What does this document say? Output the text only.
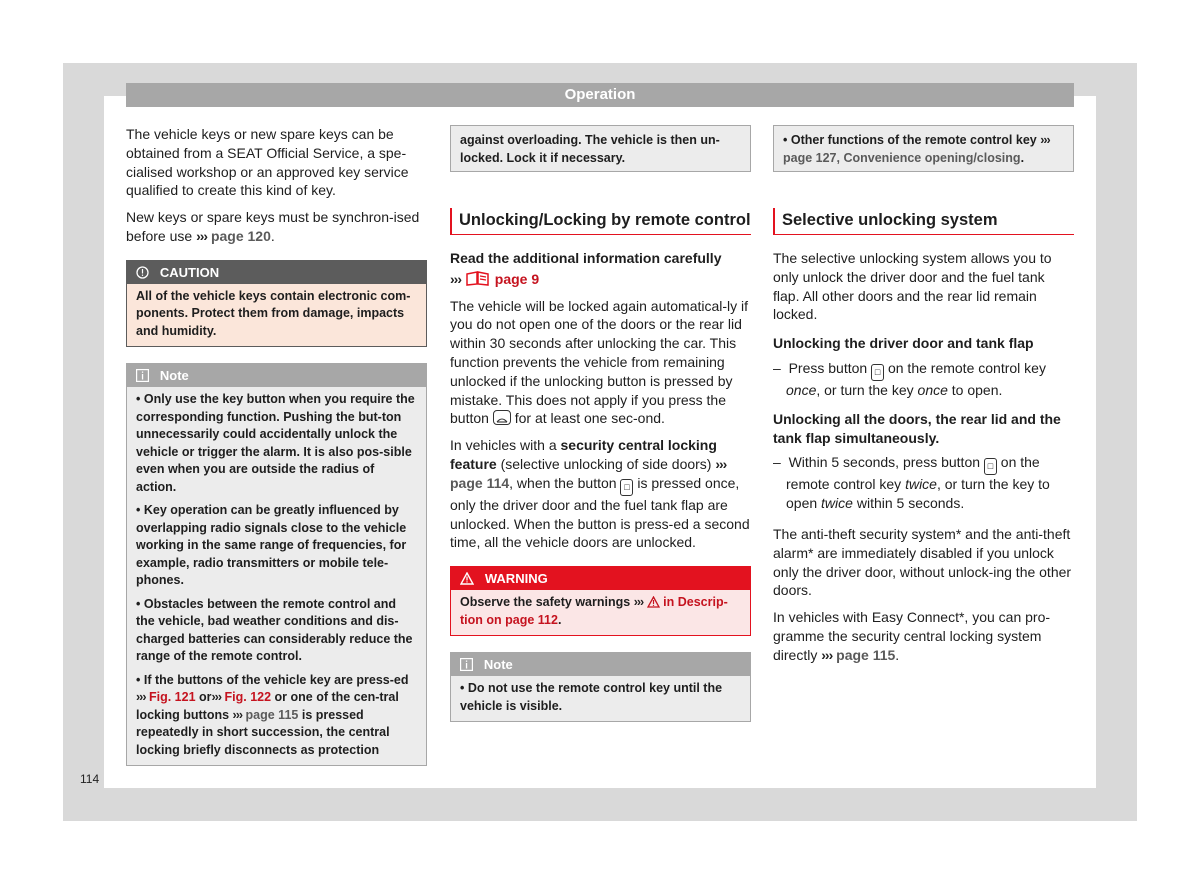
Operation

The vehicle keys or new spare keys can be obtained from a SEAT Official Service, a spe-cialised workshop or an approved key service qualified to create this kind of key.

New keys or spare keys must be synchron-ised before use ››› page 120.

CAUTION
All of the vehicle keys contain electronic com-ponents. Protect them from damage, impacts and humidity.
Note

• Only use the key button when you require the corresponding function. Pushing the but-ton unnecessarily could accidentally unlock the vehicle or trigger the alarm. It is also pos-sible even when you are outside the radius of action.

• Key operation can be greatly influenced by overlapping radio signals close to the vehicle working in the same range of frequencies, for example, radio transmitters or mobile tele-phones.

• Obstacles between the remote control and the vehicle, bad weather conditions and dis-charged batteries can considerably reduce the range of the remote control.

• If the buttons of the vehicle key are press-ed ››› Fig. 121 or››› Fig. 122 or one of the cen-tral locking buttons ››› page 115 is pressed repeatedly in short succession, the central locking briefly disconnects as protection

against overloading. The vehicle is then un-locked. Lock it if necessary.
Unlocking/Locking by remote control

Read the additional information carefully

››› page 9

The vehicle will be locked again automatical-ly if you do not open one of the doors or the rear lid within 30 seconds after unlocking the car. This function prevents the vehicle from remaining unlocked if the unlocking button is pressed by mistake. This does not apply if you press the button for at least one sec-ond.

In vehicles with a security central locking feature (selective unlocking of side doors) ››› page 114, when the button □ is pressed once, only the driver door and the fuel tank flap are unlocked. When the button is press-ed a second time, all the vehicle doors are unlocked.

WARNING
Observe the safety warnings ››› in Descrip-tion on page 112.
Note
• Do not use the remote control key until the vehicle is visible.
• Other functions of the remote control key ››› page 127, Convenience opening/closing.
Selective unlocking system

The selective unlocking system allows you to only unlock the driver door and the fuel tank flap. All other doors and the rear lid remain locked.

Unlocking the driver door and tank flap

–  Press button □ on the remote control key once, or turn the key once to open.

Unlocking all the doors, the rear lid and the tank flap simultaneously.

–  Within 5 seconds, press button □ on the remote control key twice, or turn the key to open twice within 5 seconds.

The anti-theft security system* and the anti-theft alarm* are immediately disabled if you unlock only the driver door, without unlock-ing the other doors.

In vehicles with Easy Connect*, you can pro-gramme the security central locking system directly ››› page 115.

114
